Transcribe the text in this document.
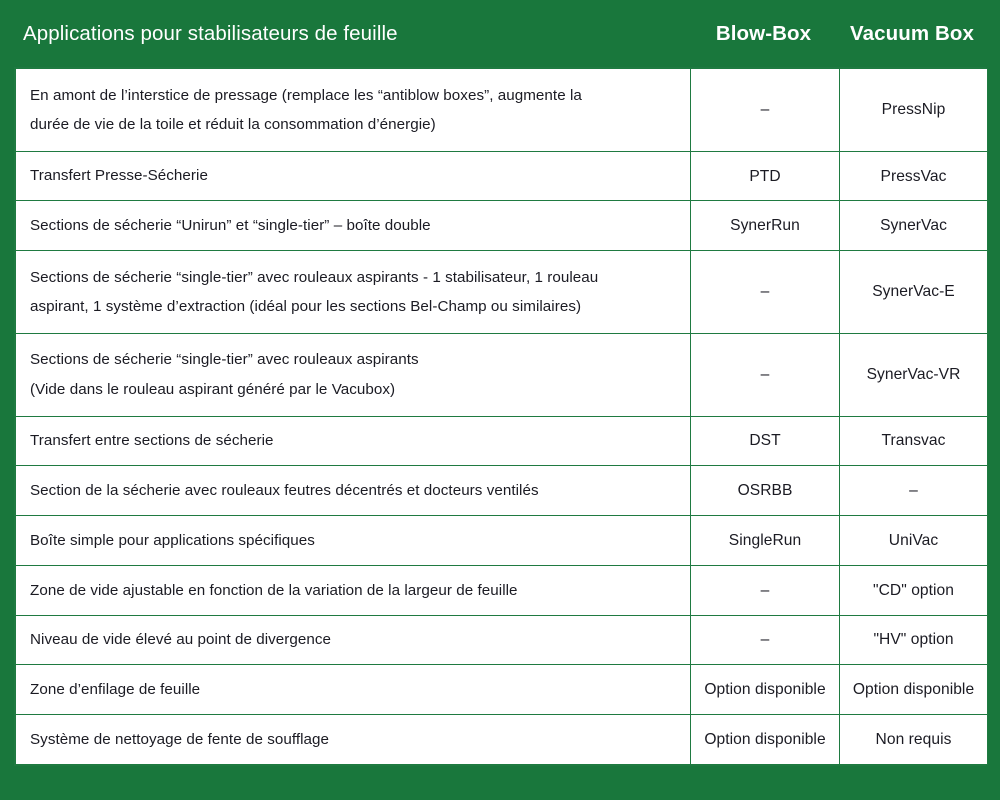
Applications pour stabilisateurs de feuille	Blow-Box	Vacuum Box
En amont de l’interstice de pressage (remplace les “antiblow boxes”, augmente la
durée de vie de la toile et réduit la consommation d’énergie)	–	PressNip

Transfert Presse-Sécherie	PTD	PressVac

Sections de sécherie “Unirun” et “single-tier” – boîte double	SynerRun	SynerVac

Sections de sécherie “single-tier” avec rouleaux aspirants - 1 stabilisateur, 1 rouleau
aspirant, 1 système d’extraction (idéal pour les sections Bel-Champ ou similaires)	–	SynerVac-E

Sections de sécherie “single-tier” avec rouleaux aspirants
(Vide dans le rouleau aspirant généré par le Vacubox)	–	SynerVac-VR

Transfert entre sections de sécherie	DST	Transvac

Section de la sécherie avec rouleaux feutres décentrés et docteurs ventilés	OSRBB	–

Boîte simple pour applications spécifiques	SingleRun	UniVac

Zone de vide ajustable en fonction de la variation de la largeur de feuille	–	"CD" option

Niveau de vide élevé au point de divergence	–	"HV" option

Zone d’enfilage de feuille	Option disponible	Option disponible

Système de nettoyage de fente de soufflage	Option disponible	Non requis
